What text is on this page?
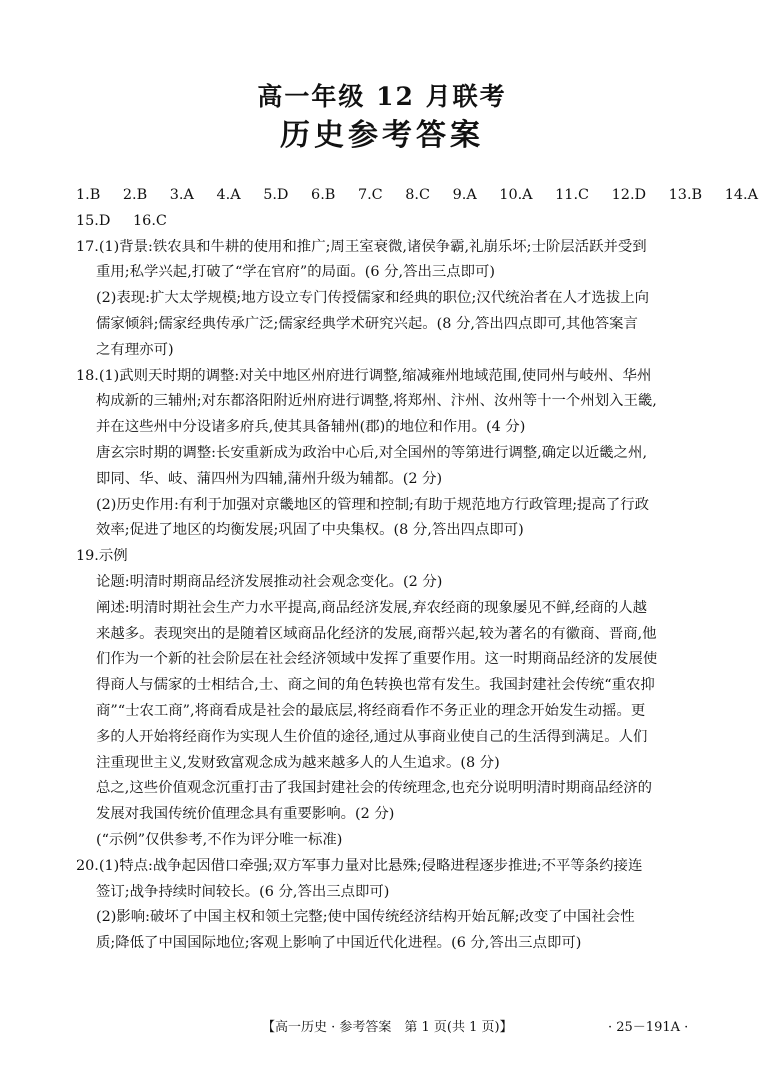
高一年级 12 月联考
历史参考答案
1.B 2.B 3.A 4.A 5.D 6.B 7.C 8.C 9.A 10.A 11.C 12.D 13.B 14.A
15.D 16.C
17.(1)背景:铁农具和牛耕的使用和推广;周王室衰微,诸侯争霸,礼崩乐坏;士阶层活跃并受到
重用;私学兴起,打破了“学在官府”的局面。(6 分,答出三点即可)
(2)表现:扩大太学规模;地方设立专门传授儒家和经典的职位;汉代统治者在人才选拔上向
儒家倾斜;儒家经典传承广泛;儒家经典学术研究兴起。(8 分,答出四点即可,其他答案言
之有理亦可)
18.(1)武则天时期的调整:对关中地区州府进行调整,缩减雍州地域范围,使同州与岐州、华州
构成新的三辅州;对东都洛阳附近州府进行调整,将郑州、汴州、汝州等十一个州划入王畿,
并在这些州中分设诸多府兵,使其具备辅州(郡)的地位和作用。(4 分)
唐玄宗时期的调整:长安重新成为政治中心后,对全国州的等第进行调整,确定以近畿之州,
即同、华、岐、蒲四州为四辅,蒲州升级为辅都。(2 分)
(2)历史作用:有利于加强对京畿地区的管理和控制;有助于规范地方行政管理;提高了行政
效率;促进了地区的均衡发展;巩固了中央集权。(8 分,答出四点即可)
19.示例
论题:明清时期商品经济发展推动社会观念变化。(2 分)
阐述:明清时期社会生产力水平提高,商品经济发展,弃农经商的现象屡见不鲜,经商的人越
来越多。表现突出的是随着区域商品化经济的发展,商帮兴起,较为著名的有徽商、晋商,他
们作为一个新的社会阶层在社会经济领域中发挥了重要作用。这一时期商品经济的发展使
得商人与儒家的士相结合,士、商之间的角色转换也常有发生。我国封建社会传统“重农抑
商”“士农工商”,将商看成是社会的最底层,将经商看作不务正业的理念开始发生动摇。更
多的人开始将经商作为实现人生价值的途径,通过从事商业使自己的生活得到满足。人们
注重现世主义,发财致富观念成为越来越多人的人生追求。(8 分)
总之,这些价值观念沉重打击了我国封建社会的传统理念,也充分说明明清时期商品经济的
发展对我国传统价值理念具有重要影响。(2 分)
(“示例”仅供参考,不作为评分唯一标准)
20.(1)特点:战争起因借口牵强;双方军事力量对比悬殊;侵略进程逐步推进;不平等条约接连
签订;战争持续时间较长。(6 分,答出三点即可)
(2)影响:破坏了中国主权和领土完整;使中国传统经济结构开始瓦解;改变了中国社会性
质;降低了中国国际地位;客观上影响了中国近代化进程。(6 分,答出三点即可)
【高一历史 · 参考答案　第 1 页(共 1 页)】	· 25－191A ·
